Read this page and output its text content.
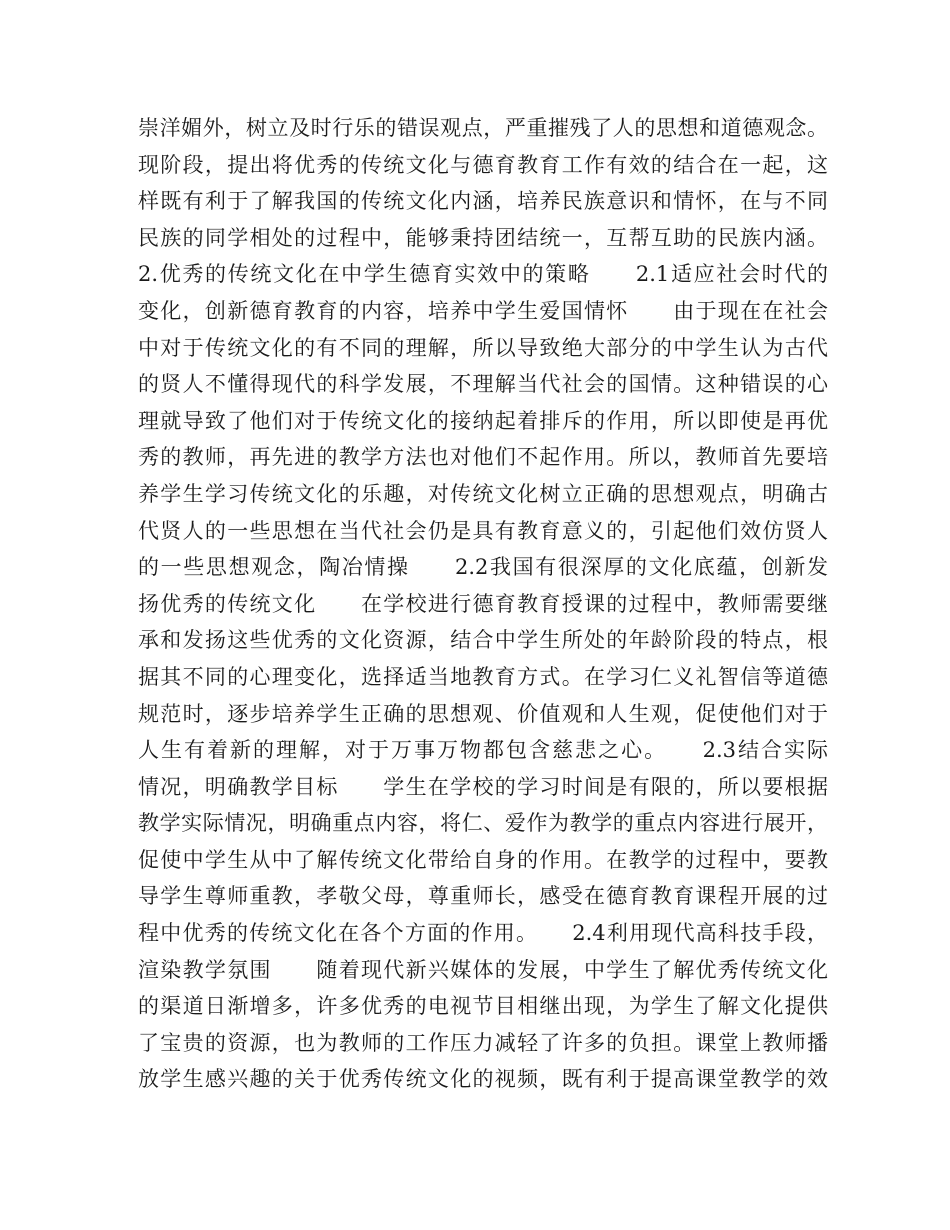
崇洋媚外，树立及时行乐的错误观点，严重摧残了人的思想和道德观念。
现阶段，提出将优秀的传统文化与德育教育工作有效的结合在一起，这
样既有利于了解我国的传统文化内涵，培养民族意识和情怀，在与不同
民族的同学相处的过程中，能够秉持团结统一，互帮互助的民族内涵。
2.优秀的传统文化在中学生德育实效中的策略　　2.1适应社会时代的
变化，创新德育教育的内容，培养中学生爱国情怀　　由于现在在社会
中对于传统文化的有不同的理解，所以导致绝大部分的中学生认为古代
的贤人不懂得现代的科学发展，不理解当代社会的国情。这种错误的心
理就导致了他们对于传统文化的接纳起着排斥的作用，所以即使是再优
秀的教师，再先进的教学方法也对他们不起作用。所以，教师首先要培
养学生学习传统文化的乐趣，对传统文化树立正确的思想观点，明确古
代贤人的一些思想在当代社会仍是具有教育意义的，引起他们效仿贤人
的一些思想观念，陶冶情操　　2.2我国有很深厚的文化底蕴，创新发
扬优秀的传统文化　　在学校进行德育教育授课的过程中，教师需要继
承和发扬这些优秀的文化资源，结合中学生所处的年龄阶段的特点，根
据其不同的心理变化，选择适当地教育方式。在学习仁义礼智信等道德
规范时，逐步培养学生正确的思想观、价值观和人生观，促使他们对于
人生有着新的理解，对于万事万物都包含慈悲之心。　　2.3结合实际
情况，明确教学目标　　学生在学校的学习时间是有限的，所以要根据
教学实际情况，明确重点内容，将仁、爱作为教学的重点内容进行展开，
促使中学生从中了解传统文化带给自身的作用。在教学的过程中，要教
导学生尊师重教，孝敬父母，尊重师长，感受在德育教育课程开展的过
程中优秀的传统文化在各个方面的作用。　　2.4利用现代高科技手段，
渲染教学氛围　　随着现代新兴媒体的发展，中学生了解优秀传统文化
的渠道日渐增多，许多优秀的电视节目相继出现，为学生了解文化提供
了宝贵的资源，也为教师的工作压力减轻了许多的负担。课堂上教师播
放学生感兴趣的关于优秀传统文化的视频，既有利于提高课堂教学的效
